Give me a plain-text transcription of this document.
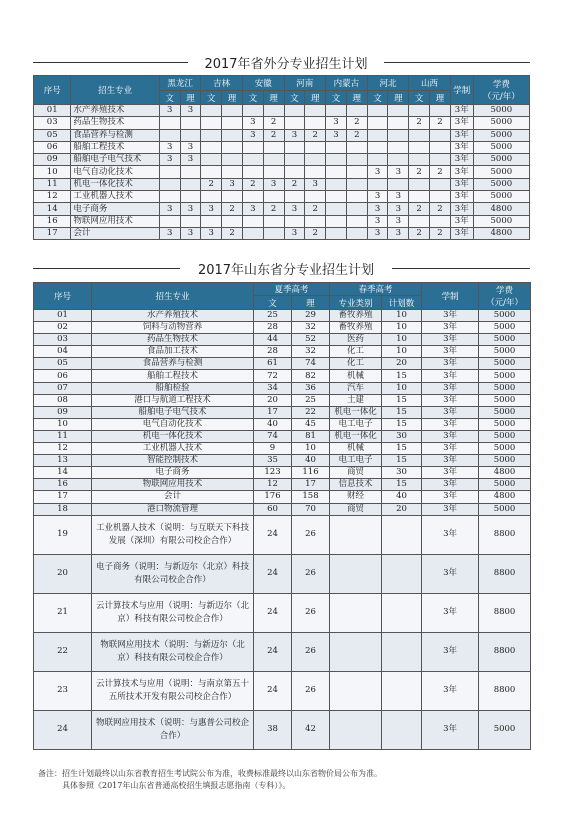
2017年省外分专业招生计划
序号	招生专业	黑龙江		吉林		安徽		河南		内蒙古		河北		山西		学制	学费
（元/年）
		文	理	文	理	文	理	文	理	文	理	文	理	文	理		
01	水产养殖技术	3	3													3年	5000
03	药品生物技术					3	2			3	2			2	2	3年	5000
05	食品营养与检测					3	2	3	2	3	2					3年	5000
06	船舶工程技术	3	3													3年	5000
09	船舶电子电气技术	3	3													3年	5000
10	电气自动化技术											3	3	2	2	3年	5000
11	机电一体化技术			2	3	2	3	2	3							3年	5000
12	工业机器人技术											3	3			3年	5000
14	电子商务	3	3	3	2	3	2	3	2			3	3	2	2	3年	4800
16	物联网应用技术											3	3			3年	5000
17	会计	3	3	3	2			3	2			3	3	2	2	3年	4800
2017年山东省分专业招生计划
序号	招生专业	夏季高考		春季高考		学制	学费
（元/年）
		文	理	专业类别	计划数		
01	水产养殖技术	25	29	畜牧养殖	10	3年	5000
02	饲料与动物营养	28	32	畜牧养殖	10	3年	5000
03	药品生物技术	44	52	医药	10	3年	5000
04	食品加工技术	28	32	化工	10	3年	5000
05	食品营养与检测	61	74	化工	20	3年	5000
06	船舶工程技术	72	82	机械	15	3年	5000
07	船舶检验	34	36	汽车	10	3年	5000
08	港口与航道工程技术	20	25	土建	15	3年	5000
09	船舶电子电气技术	17	22	机电一体化	15	3年	5000
10	电气自动化技术	40	45	电工电子	15	3年	5000
11	机电一体化技术	74	81	机电一体化	30	3年	5000
12	工业机器人技术	9	10	机械	15	3年	5000
13	智能控制技术	35	40	电工电子	15	3年	5000
14	电子商务	123	116	商贸	30	3年	4800
16	物联网应用技术	12	17	信息技术	15	3年	5000
17	会计	176	158	财经	40	3年	4800
18	港口物流管理	60	70	商贸	20	3年	5000
19	工业机器人技术（说明：与互联天下科技发展（深圳）有限公司校企合作）	24	26			3年	8800
20	电子商务（说明：与新迈尔（北京）科技有限公司校企合作）	24	26			3年	8800
21	云计算技术与应用（说明：与新迈尔（北京）科技有限公司校企合作）	24	26			3年	8800
22	物联网应用技术（说明：与新迈尔（北京）科技有限公司校企合作）	24	26			3年	8800
23	云计算技术与应用（说明：与南京第五十五所技术开发有限公司校企合作）	24	26			3年	8800
24	物联网应用技术（说明：与惠普公司校企合作）	38	42			3年	5000
备注：招生计划最终以山东省教育招生考试院公布为准，收费标准最终以山东省物价局公布为准。
具体参照《2017年山东省普通高校招生填报志愿指南（专科）》。
